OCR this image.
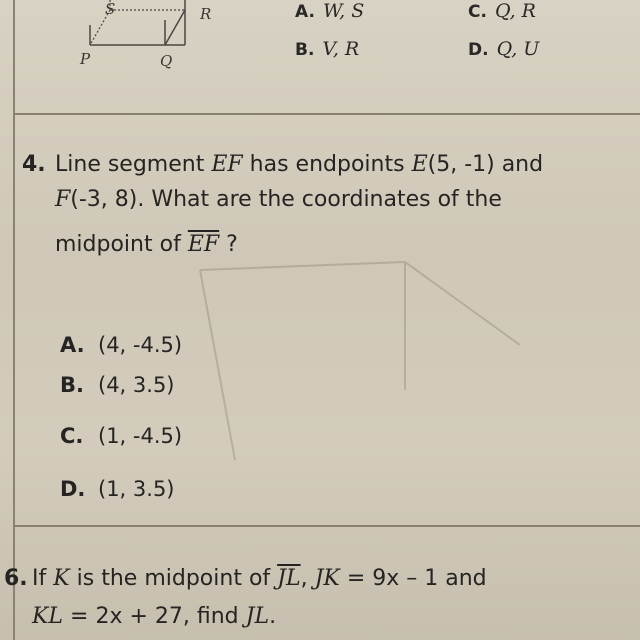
S	R
P	Q
A. W, S	C. Q, R
B. V, R	D. Q, U
4. Line segment EF has endpoints E(5, -1) and
F(-3, 8). What are the coordinates of the
midpoint of $\overline{EF}$ ?
A. (4, -4.5)
B. (4, 3.5)
C. (1, -4.5)
D. (1, 3.5)
6. If K is the midpoint of $\overline{JL}$, JK = 9x – 1 and
KL = 2x + 27, find JL.
